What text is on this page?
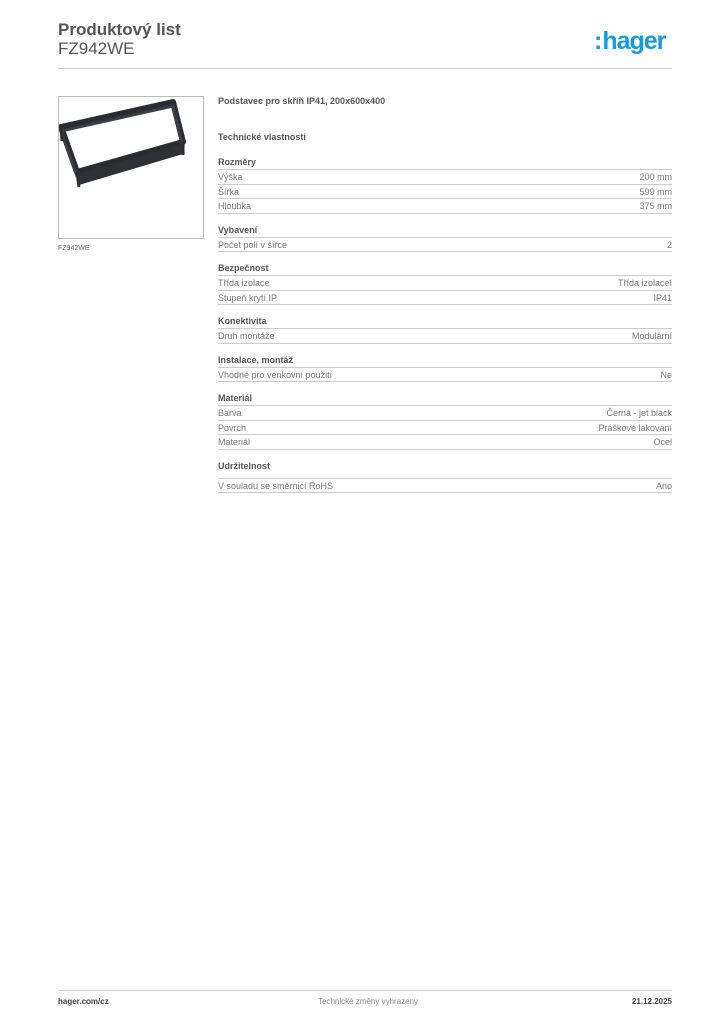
Produktový list
FZ942WE	:hager
FZ942WE
Podstavec pro skříň IP41, 200x600x400
Technické vlastnosti
Rozměry
Výška	200 mm
Šířka	599 mm
Hloubka	375 mm
Vybavení
Počet polí v šířce	2
Bezpečnost
Třída izolace	Třída izolaceI
Stupeň krytí IP	IP41
Konektivita
Druh montáže	Modulární
Instalace, montáž
Vhodné pro venkovní použití	Ne
Materiál
Barva	Černá - jet black
Povrch	Práškové lakování
Materiál	Ocel
Udržitelnost
V souladu se směrnicí RoHS	Ano
hager.com/cz	Technické změny vyhrazeny	21.12.2025
